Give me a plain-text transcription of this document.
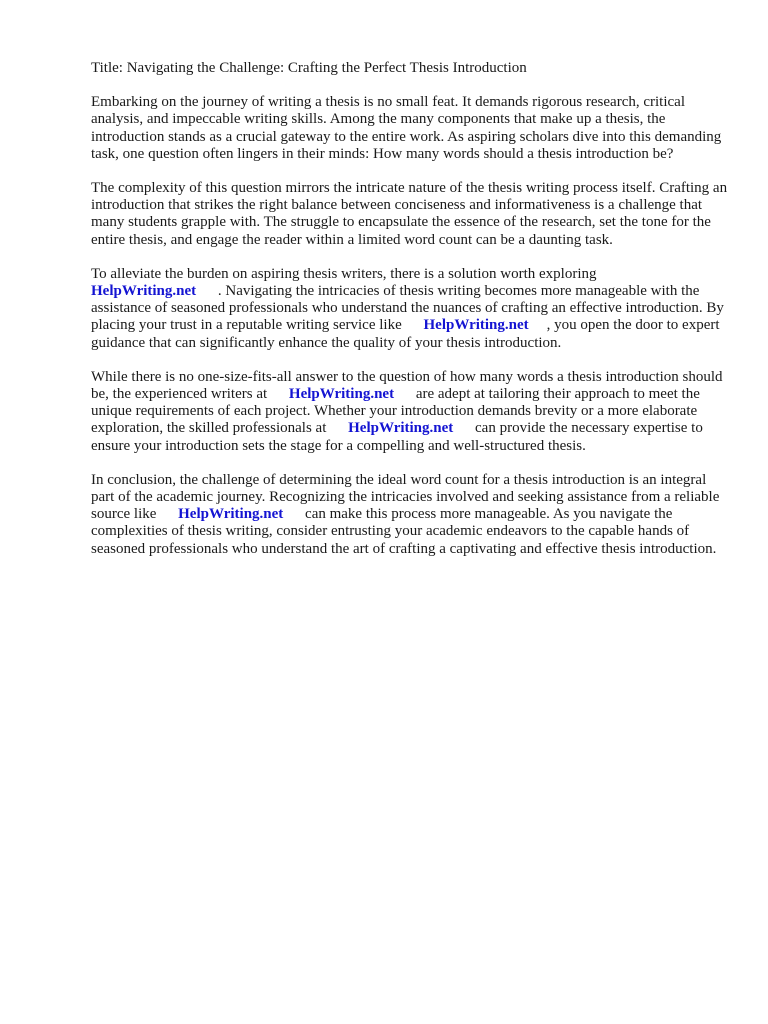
Title: Navigating the Challenge: Crafting the Perfect Thesis Introduction

Embarking on the journey of writing a thesis is no small feat. It demands rigorous research, critical analysis, and impeccable writing skills. Among the many components that make up a thesis, the introduction stands as a crucial gateway to the entire work. As aspiring scholars dive into this demanding task, one question often lingers in their minds: How many words should a thesis introduction be?

The complexity of this question mirrors the intricate nature of the thesis writing process itself. Crafting an introduction that strikes the right balance between conciseness and informativeness is a challenge that many students grapple with. The struggle to encapsulate the essence of the research, set the tone for the entire thesis, and engage the reader within a limited word count can be a daunting task.

To alleviate the burden on aspiring thesis writers, there is a solution worth exploring
HelpWriting.net . Navigating the intricacies of thesis writing becomes more manageable with the assistance of seasoned professionals who understand the nuances of crafting an effective introduction. By placing your trust in a reputable writing service like HelpWriting.net , you open the door to expert guidance that can significantly enhance the quality of your thesis introduction.

While there is no one-size-fits-all answer to the question of how many words a thesis introduction should be, the experienced writers at HelpWriting.net are adept at tailoring their approach to meet the unique requirements of each project. Whether your introduction demands brevity or a more elaborate exploration, the skilled professionals at HelpWriting.net can provide the necessary expertise to ensure your introduction sets the stage for a compelling and well-structured thesis.

In conclusion, the challenge of determining the ideal word count for a thesis introduction is an integral part of the academic journey. Recognizing the intricacies involved and seeking assistance from a reliable source like HelpWriting.net can make this process more manageable. As you navigate the complexities of thesis writing, consider entrusting your academic endeavors to the capable hands of seasoned professionals who understand the art of crafting a captivating and effective thesis introduction.
